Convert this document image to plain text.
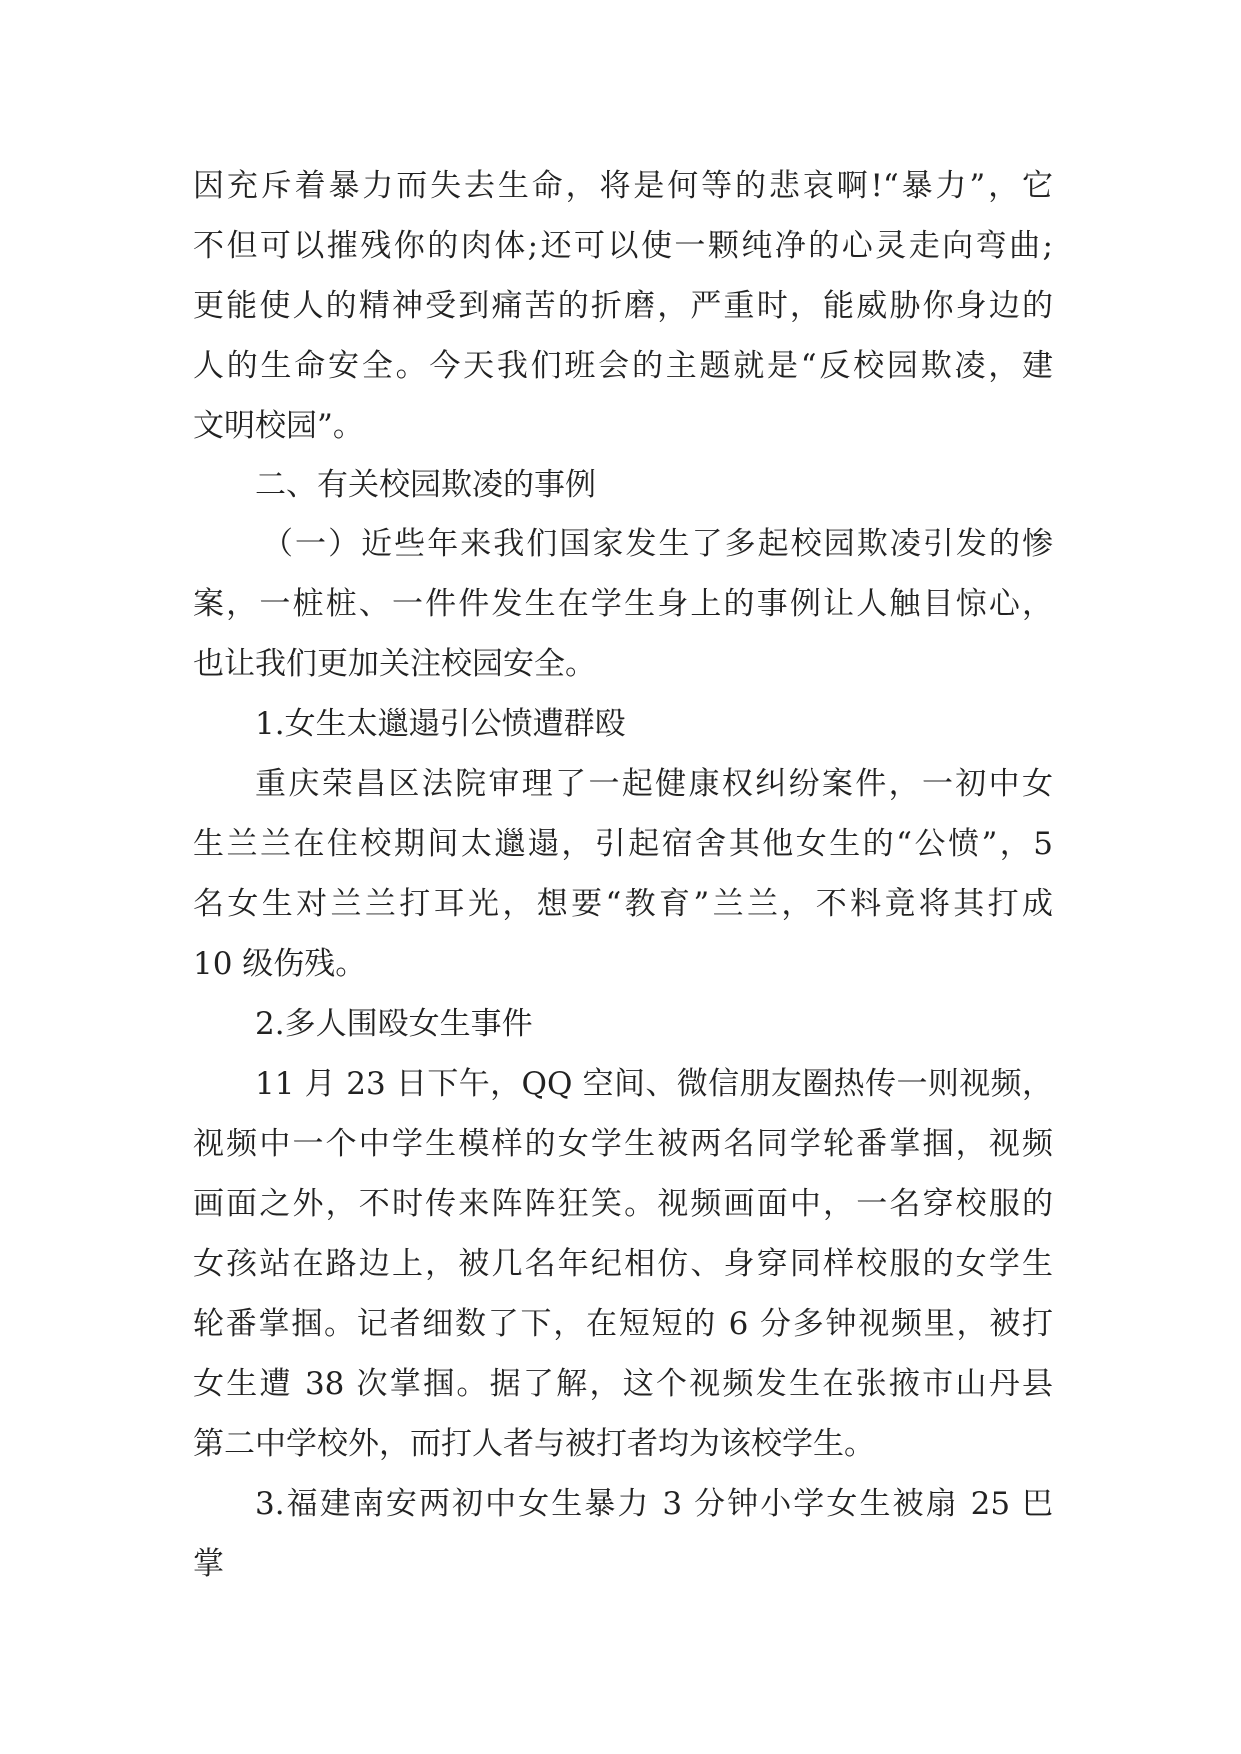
因充斥着暴力而失去生命，将是何等的悲哀啊!“暴力”，它
不但可以摧残你的肉体;还可以使一颗纯净的心灵走向弯曲;
更能使人的精神受到痛苦的折磨，严重时，能威胁你身边的
人的生命安全。今天我们班会的主题就是“反校园欺凌，建
文明校园”。
二、有关校园欺凌的事例
（一）近些年来我们国家发生了多起校园欺凌引发的惨
案，一桩桩、一件件发生在学生身上的事例让人触目惊心，
也让我们更加关注校园安全。
1.女生太邋遢引公愤遭群殴
重庆荣昌区法院审理了一起健康权纠纷案件，一初中女
生兰兰在住校期间太邋遢，引起宿舍其他女生的“公愤”，5
名女生对兰兰打耳光，想要“教育”兰兰，不料竟将其打成
10 级伤残。
2.多人围殴女生事件
11 月 23 日下午，QQ 空间、微信朋友圈热传一则视频，
视频中一个中学生模样的女学生被两名同学轮番掌掴，视频
画面之外，不时传来阵阵狂笑。视频画面中，一名穿校服的
女孩站在路边上，被几名年纪相仿、身穿同样校服的女学生
轮番掌掴。记者细数了下，在短短的 6 分多钟视频里，被打
女生遭 38 次掌掴。据了解，这个视频发生在张掖市山丹县
第二中学校外，而打人者与被打者均为该校学生。
3.福建南安两初中女生暴力 3 分钟小学女生被扇 25 巴
掌
